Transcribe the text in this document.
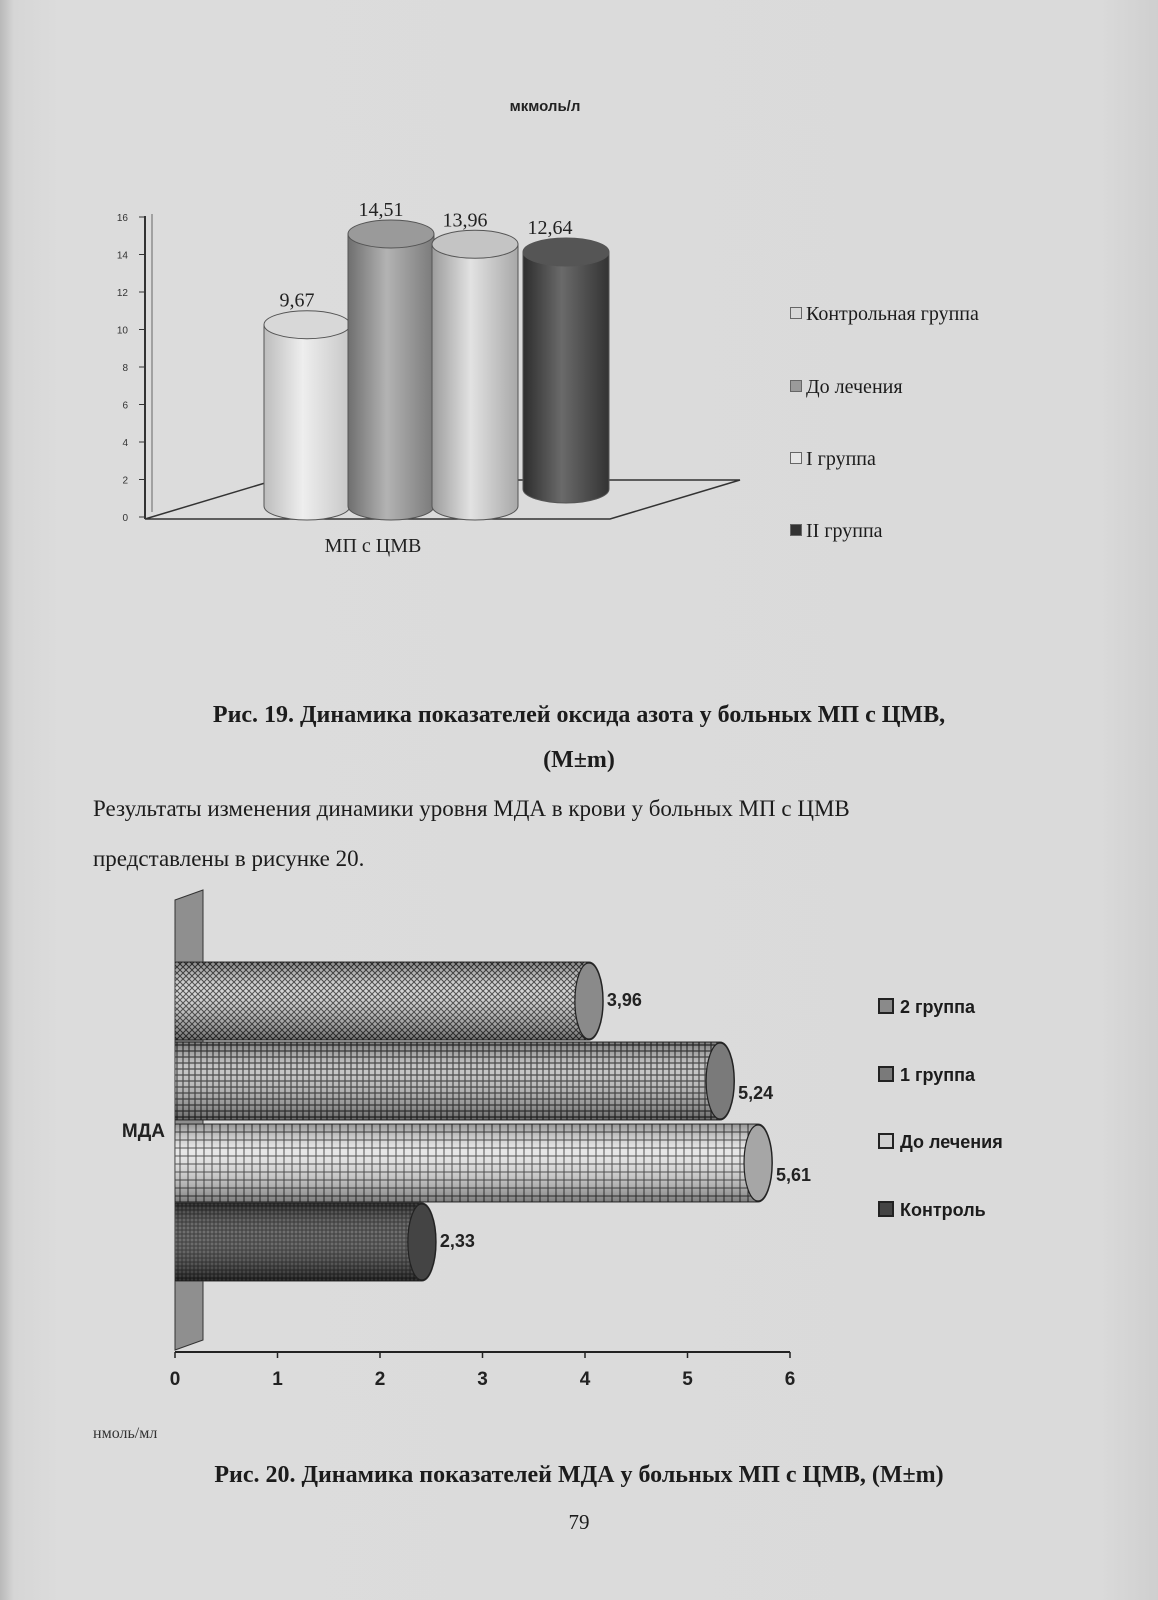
мкмоль/л
0
2
4
6
8
10
12
14
16
9,67
14,51 13,96 12,64
МП с ЦМВ
Контрольная группа
До лечения
I группа
II группа
Рис. 19. Динамика показателей оксида азота у больных МП с ЦМВ,
(M±m)
Результаты изменения динамики уровня МДА в крови у больных МП с ЦМВ
представлены в рисунке 20.
0	1	2	3	4	5	6
3,96
5,24
5,61
2,33
МДА
нмоль/мл
2 группа
1 группа
До лечения
Контроль
Рис. 20. Динамика показателей МДА у больных МП с ЦМВ, (M±m)
79
